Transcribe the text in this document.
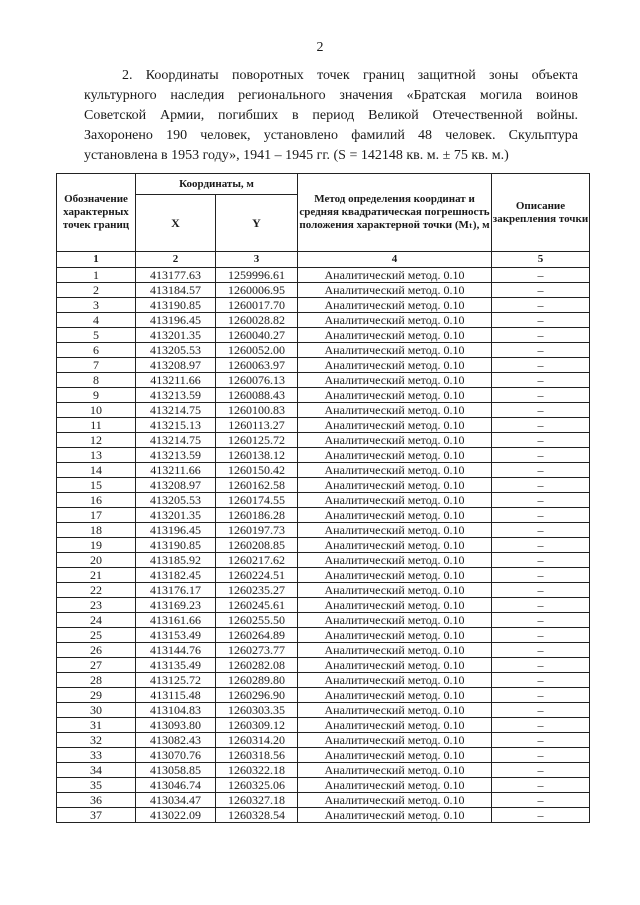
2

2. Координаты поворотных точек границ защитной зоны объекта культурного наследия регионального значения «Братская могила воинов Советской Армии, погибших в период Великой Отечественной войны. Захоронено 190 человек, установлено фамилий 48 человек. Скульптура установлена в 1953 году», 1941 – 1945 гг. (S = 142148 кв. м. ± 75 кв. м.)

Обозначение характерных точек границ	Координаты, м		Метод определения координат и средняя квадратическая погрешность положения характерной точки (Mₜ), м	Описание закрепления точки
	X	Y		
1	2	3	4	5
1	413177.63	1259996.61	Аналитический метод. 0.10	–
2	413184.57	1260006.95	Аналитический метод. 0.10	–
3	413190.85	1260017.70	Аналитический метод. 0.10	–
4	413196.45	1260028.82	Аналитический метод. 0.10	–
5	413201.35	1260040.27	Аналитический метод. 0.10	–
6	413205.53	1260052.00	Аналитический метод. 0.10	–
7	413208.97	1260063.97	Аналитический метод. 0.10	–
8	413211.66	1260076.13	Аналитический метод. 0.10	–
9	413213.59	1260088.43	Аналитический метод. 0.10	–
10	413214.75	1260100.83	Аналитический метод. 0.10	–
11	413215.13	1260113.27	Аналитический метод. 0.10	–
12	413214.75	1260125.72	Аналитический метод. 0.10	–
13	413213.59	1260138.12	Аналитический метод. 0.10	–
14	413211.66	1260150.42	Аналитический метод. 0.10	–
15	413208.97	1260162.58	Аналитический метод. 0.10	–
16	413205.53	1260174.55	Аналитический метод. 0.10	–
17	413201.35	1260186.28	Аналитический метод. 0.10	–
18	413196.45	1260197.73	Аналитический метод. 0.10	–
19	413190.85	1260208.85	Аналитический метод. 0.10	–
20	413185.92	1260217.62	Аналитический метод. 0.10	–
21	413182.45	1260224.51	Аналитический метод. 0.10	–
22	413176.17	1260235.27	Аналитический метод. 0.10	–
23	413169.23	1260245.61	Аналитический метод. 0.10	–
24	413161.66	1260255.50	Аналитический метод. 0.10	–
25	413153.49	1260264.89	Аналитический метод. 0.10	–
26	413144.76	1260273.77	Аналитический метод. 0.10	–
27	413135.49	1260282.08	Аналитический метод. 0.10	–
28	413125.72	1260289.80	Аналитический метод. 0.10	–
29	413115.48	1260296.90	Аналитический метод. 0.10	–
30	413104.83	1260303.35	Аналитический метод. 0.10	–
31	413093.80	1260309.12	Аналитический метод. 0.10	–
32	413082.43	1260314.20	Аналитический метод. 0.10	–
33	413070.76	1260318.56	Аналитический метод. 0.10	–
34	413058.85	1260322.18	Аналитический метод. 0.10	–
35	413046.74	1260325.06	Аналитический метод. 0.10	–
36	413034.47	1260327.18	Аналитический метод. 0.10	–
37	413022.09	1260328.54	Аналитический метод. 0.10	–
